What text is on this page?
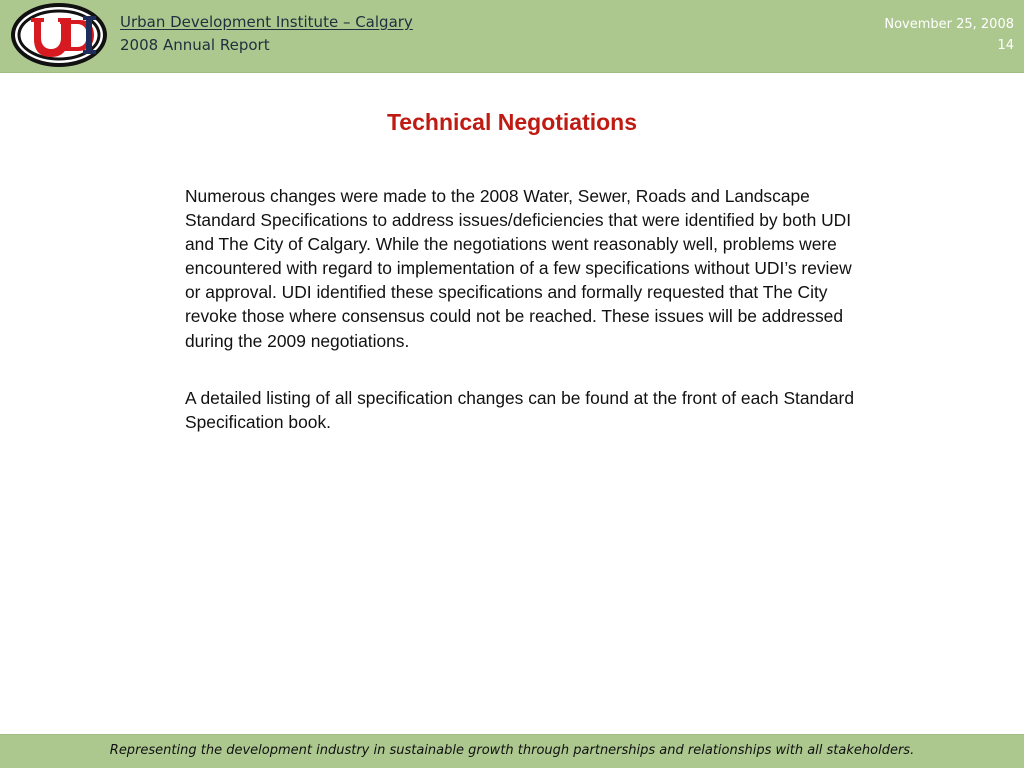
Urban Development Institute – Calgary
2008 Annual Report
November 25, 2008
14
Technical Negotiations

Numerous changes were made to the 2008 Water, Sewer, Roads and Landscape Standard Specifications to address issues/deficiencies that were identified by both UDI and The City of Calgary. While the negotiations went reasonably well, problems were encountered with regard to implementation of a few specifications without UDI’s review or approval. UDI identified these specifications and formally requested that The City revoke those where consensus could not be reached. These issues will be addressed during the 2009 negotiations.

A detailed listing of all specification changes can be found at the front of each Standard Specification book.

Representing the development industry in sustainable growth through partnerships and relationships with all stakeholders.
